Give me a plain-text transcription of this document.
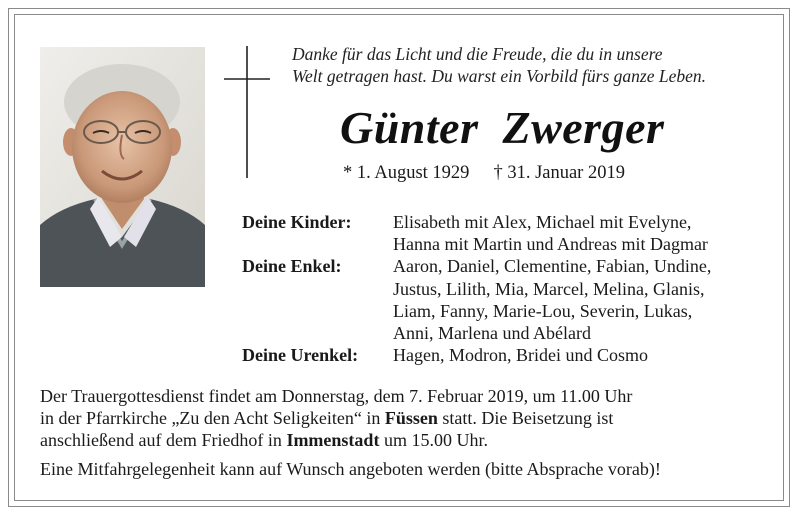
Danke für das Licht und die Freude, die du in unsere
Welt getragen hast. Du warst ein Vorbild fürs ganze Leben.
Günter Zwerger
* 1. August 1929 † 31. Januar 2019
Deine Kinder:	Elisabeth mit Alex, Michael mit Evelyne,
Hanna mit Martin und Andreas mit Dagmar
Deine Enkel:	Aaron, Daniel, Clementine, Fabian, Undine,
Justus, Lilith, Mia, Marcel, Melina, Glanis,
Liam, Fanny, Marie-Lou, Severin, Lukas,
Anni, Marlena und Abélard
Deine Urenkel:	Hagen, Modron, Bridei und Cosmo
Der Trauergottesdienst findet am Donnerstag, dem 7. Februar 2019, um 11.00 Uhr
in der Pfarrkirche „Zu den Acht Seligkeiten“ in Füssen statt. Die Beisetzung ist
anschließend auf dem Friedhof in Immenstadt um 15.00 Uhr.
Eine Mitfahrgelegenheit kann auf Wunsch angeboten werden (bitte Absprache vorab)!
